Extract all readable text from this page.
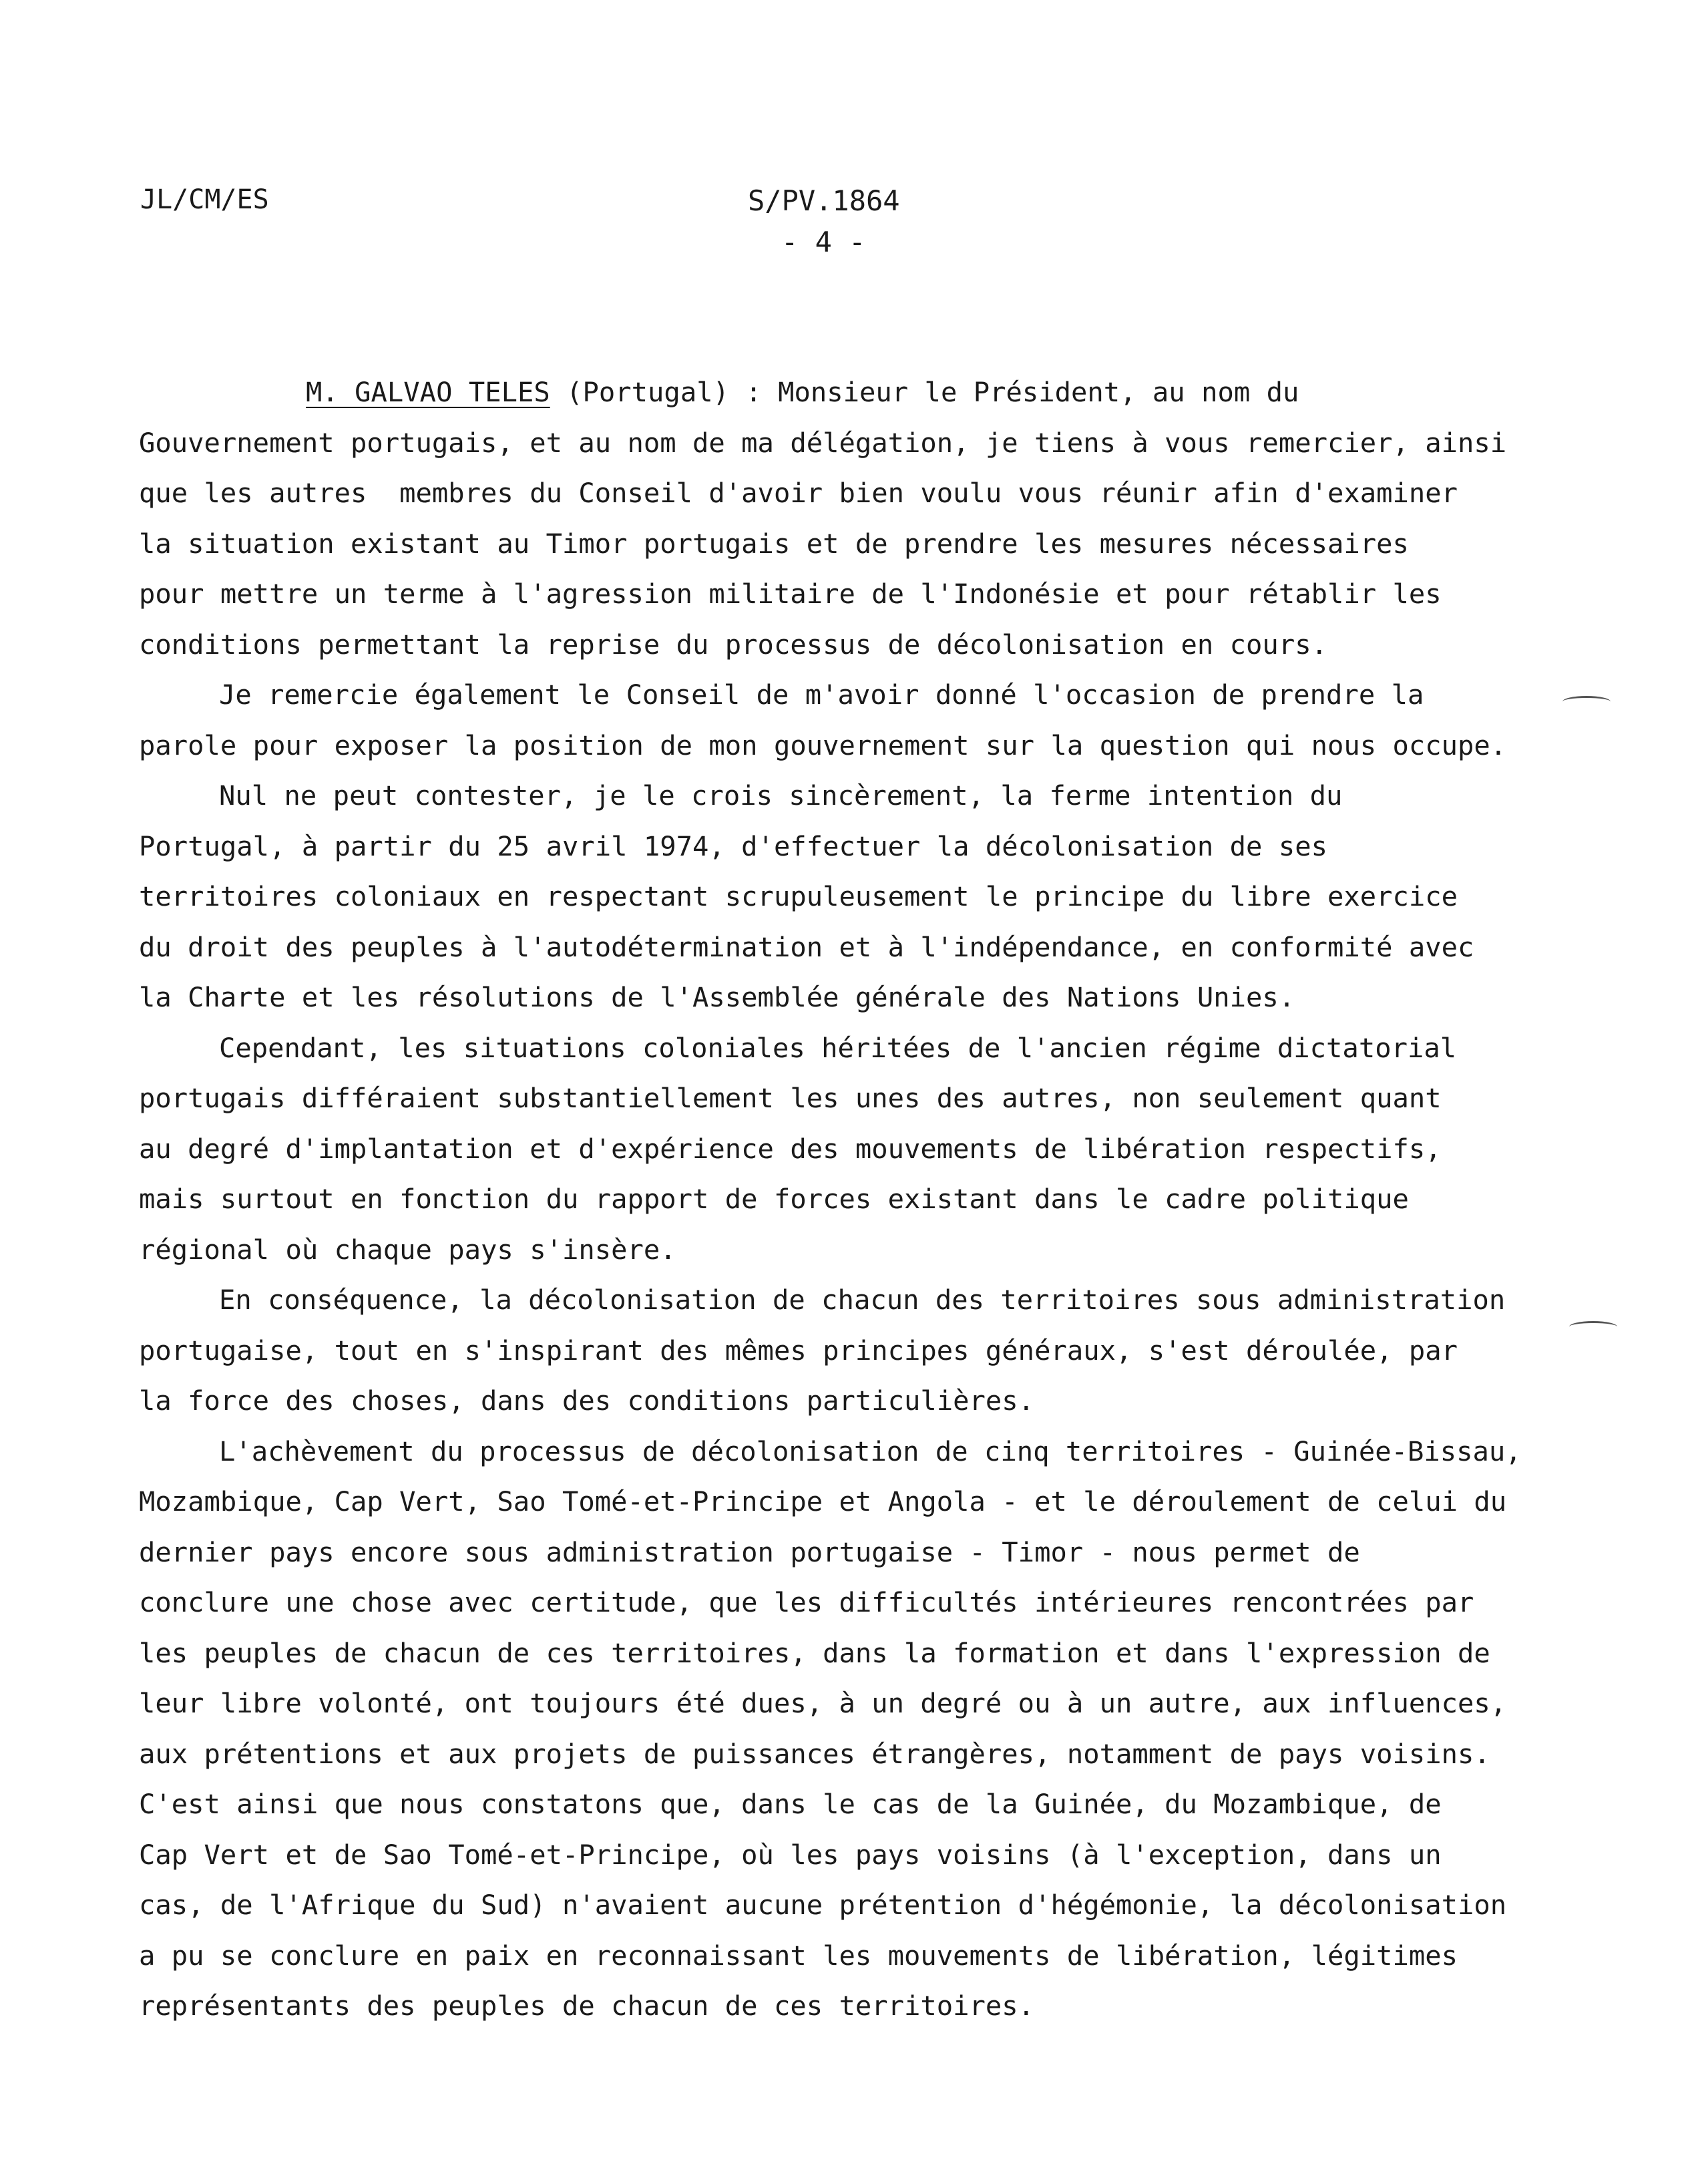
JL/CM/ES	S/PV.1864
- 4 -
M. GALVAO TELES (Portugal) : Monsieur le Président, au nom du
Gouvernement portugais, et au nom de ma délégation, je tiens à vous remercier, ainsi
que les autres  membres du Conseil d'avoir bien voulu vous réunir afin d'examiner
la situation existant au Timor portugais et de prendre les mesures nécessaires
pour mettre un terme à l'agression militaire de l'Indonésie et pour rétablir les
conditions permettant la reprise du processus de décolonisation en cours.
Je remercie également le Conseil de m'avoir donné l'occasion de prendre la
parole pour exposer la position de mon gouvernement sur la question qui nous occupe.
Nul ne peut contester, je le crois sincèrement, la ferme intention du
Portugal, à partir du 25 avril 1974, d'effectuer la décolonisation de ses
territoires coloniaux en respectant scrupuleusement le principe du libre exercice
du droit des peuples à l'autodétermination et à l'indépendance, en conformité avec
la Charte et les résolutions de l'Assemblée générale des Nations Unies.
Cependant, les situations coloniales héritées de l'ancien régime dictatorial
portugais différaient substantiellement les unes des autres, non seulement quant
au degré d'implantation et d'expérience des mouvements de libération respectifs,
mais surtout en fonction du rapport de forces existant dans le cadre politique
régional où chaque pays s'insère.
En conséquence, la décolonisation de chacun des territoires sous administration
portugaise, tout en s'inspirant des mêmes principes généraux, s'est déroulée, par
la force des choses, dans des conditions particulières.
L'achèvement du processus de décolonisation de cinq territoires - Guinée-Bissau,
Mozambique, Cap Vert, Sao Tomé-et-Principe et Angola - et le déroulement de celui du
dernier pays encore sous administration portugaise - Timor - nous permet de
conclure une chose avec certitude, que les difficultés intérieures rencontrées par
les peuples de chacun de ces territoires, dans la formation et dans l'expression de
leur libre volonté, ont toujours été dues, à un degré ou à un autre, aux influences,
aux prétentions et aux projets de puissances étrangères, notamment de pays voisins.
C'est ainsi que nous constatons que, dans le cas de la Guinée, du Mozambique, de
Cap Vert et de Sao Tomé-et-Principe, où les pays voisins (à l'exception, dans un
cas, de l'Afrique du Sud) n'avaient aucune prétention d'hégémonie, la décolonisation
a pu se conclure en paix en reconnaissant les mouvements de libération, légitimes
représentants des peuples de chacun de ces territoires.
